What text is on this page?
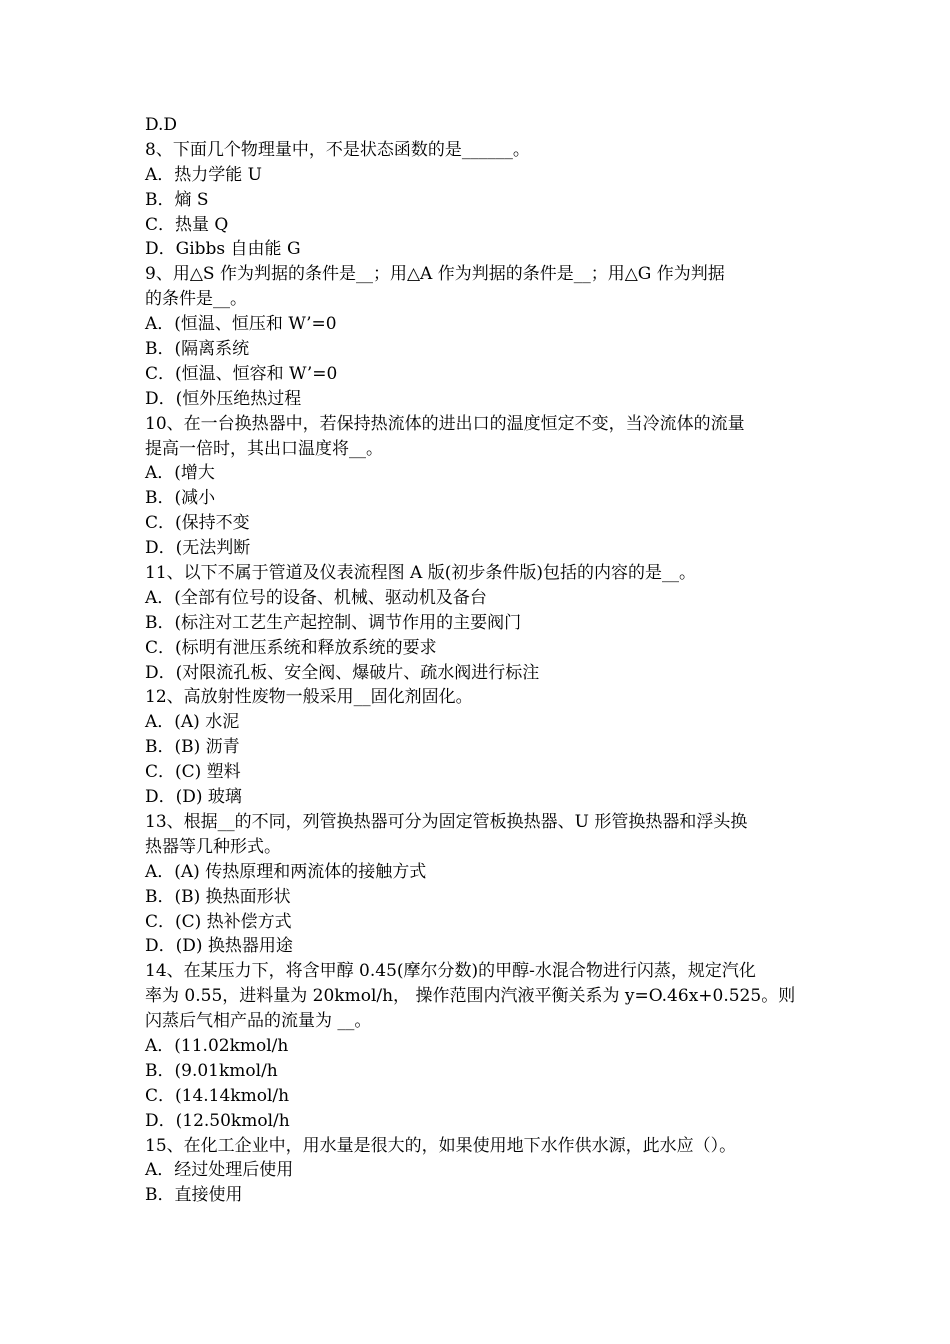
D.D
8、下面几个物理量中，不是状态函数的是______。
A．热力学能 U
B．熵 S
C．热量 Q
D．Gibbs 自由能 G
9、用△S 作为判据的条件是__；用△A 作为判据的条件是__；用△G 作为判据
的条件是__。
A．(恒温、恒压和 W’=0
B．(隔离系统
C．(恒温、恒容和 W’=0
D．(恒外压绝热过程
10、在一台换热器中，若保持热流体的进出口的温度恒定不变，当冷流体的流量
提高一倍时，其出口温度将__。
A．(增大
B．(减小
C．(保持不变
D．(无法判断
11、以下不属于管道及仪表流程图 A 版(初步条件版)包括的内容的是__。
A．(全部有位号的设备、机械、驱动机及备台
B．(标注对工艺生产起控制、调节作用的主要阀门
C．(标明有泄压系统和释放系统的要求
D．(对限流孔板、安全阀、爆破片、疏水阀进行标注
12、高放射性废物一般采用__固化剂固化。
A．(A) 水泥
B．(B) 沥青
C．(C) 塑料
D．(D) 玻璃
13、根据__的不同，列管换热器可分为固定管板换热器、U 形管换热器和浮头换
热器等几种形式。
A．(A) 传热原理和两流体的接触方式
B．(B) 换热面形状
C．(C) 热补偿方式
D．(D) 换热器用途
14、在某压力下，将含甲醇 0.45(摩尔分数)的甲醇-水混合物进行闪蒸，规定汽化
率为 0.55，进料量为 20kmol/h， 操作范围内汽液平衡关系为 y=O.46x+0.525。则
闪蒸后气相产品的流量为 __。
A．(11.02kmol/h
B．(9.01kmol/h
C．(14.14kmol/h
D．(12.50kmol/h
15、在化工企业中，用水量是很大的，如果使用地下水作供水源，此水应（）。
A．经过处理后使用
B．直接使用
